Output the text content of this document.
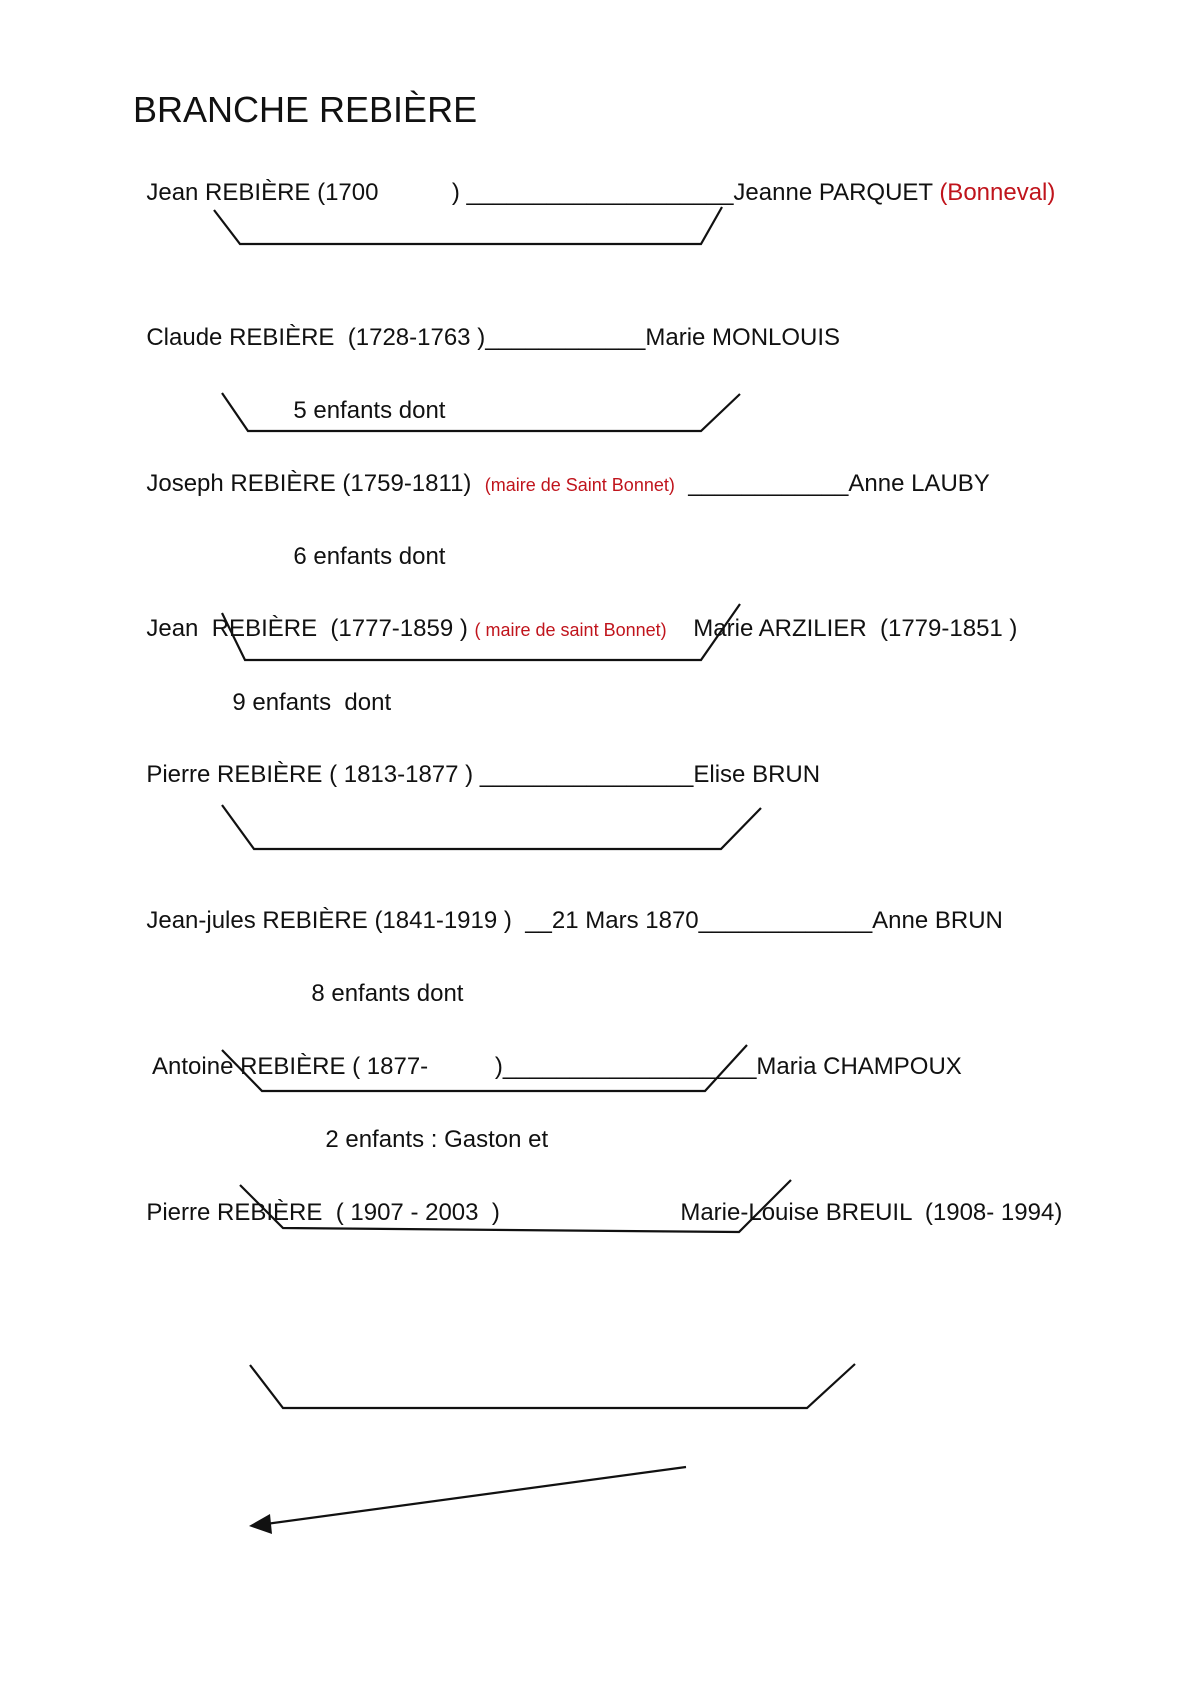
BRANCHE REBIÈRE

Jean REBIÈRE (1700           ) ____________________Jeanne PARQUET (Bonneval)

Claude REBIÈRE  (1728-1763 )____________Marie MONLOUIS

5 enfants dont

Joseph REBIÈRE (1759-1811)  (maire de Saint Bonnet)  ____________Anne LAUBY

6 enfants dont

Jean  REBIÈRE  (1777-1859 ) ( maire de saint Bonnet)    Marie ARZILIER  (1779-1851 )

9 enfants  dont

Pierre REBIÈRE ( 1813-1877 ) ________________Elise BRUN

Jean-jules REBIÈRE (1841-1919 )  __21 Mars 1870_____________Anne BRUN

8 enfants dont

Antoine REBIÈRE ( 1877-          )___________________Maria CHAMPOUX

2 enfants : Gaston et

Pierre REBIÈRE  ( 1907 - 2003  )	Marie-Louise BREUIL  (1908- 1994)
